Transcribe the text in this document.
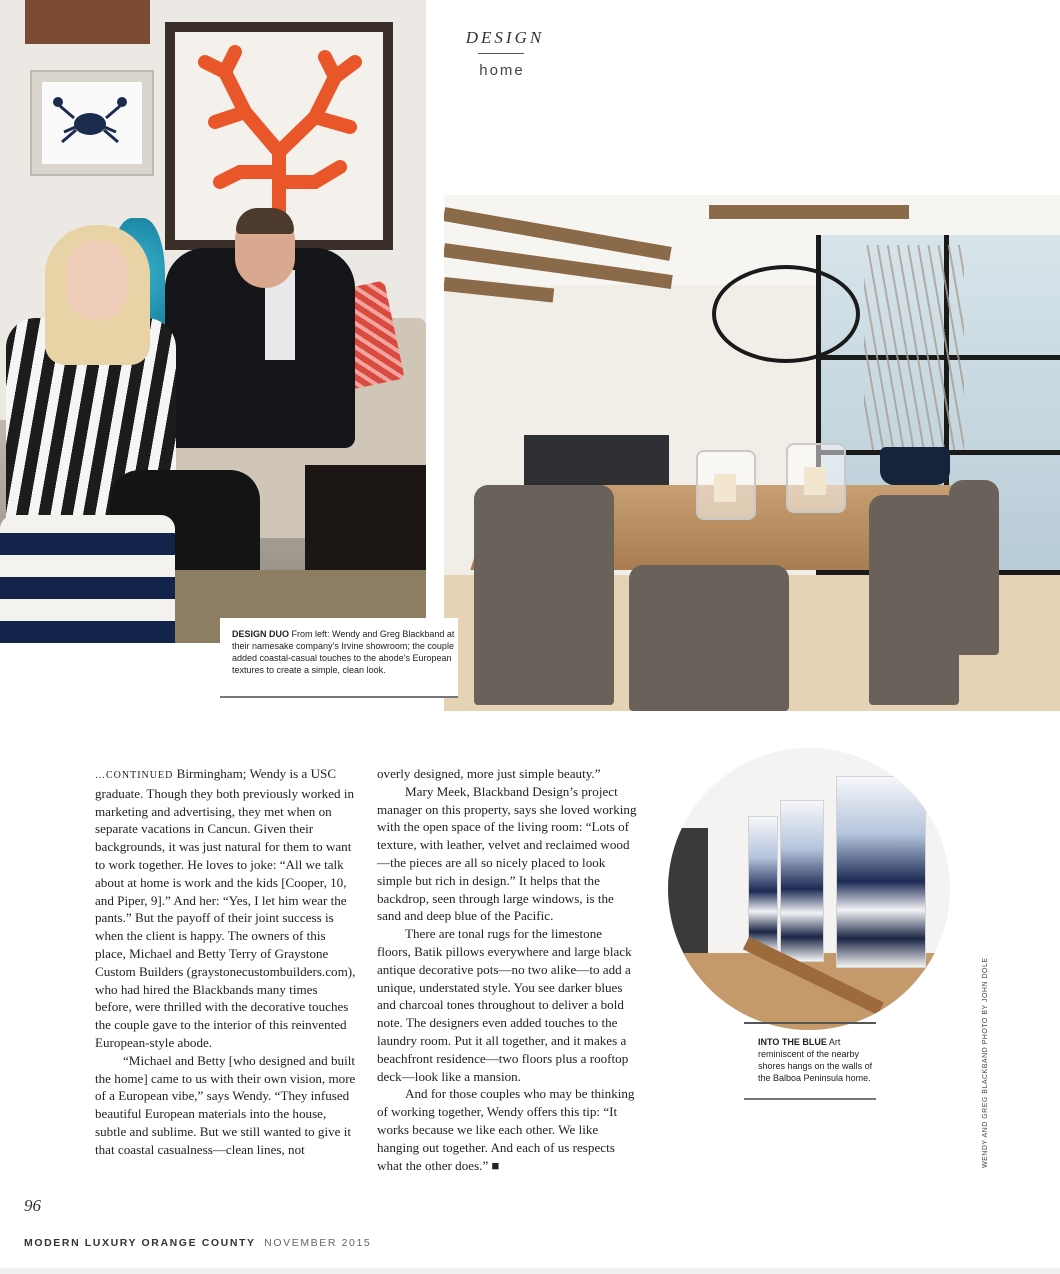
DESIGN
home
DESIGN DUO From left: Wendy and Greg Blackband at their namesake company’s Irvine showroom; the couple added coastal-casual touches to the abode’s European textures to create a simple, clean look.

…CONTINUED Birmingham; Wendy is a USC graduate. Though they both previously worked in marketing and advertising, they met when on separate vacations in Cancun. Given their backgrounds, it was just natural for them to want to work together. He loves to joke: “All we talk about at home is work and the kids [Cooper, 10, and Piper, 9].” And her: “Yes, I let him wear the pants.” But the payoff of their joint success is when the client is happy. The owners of this place, Michael and Betty Terry of Graystone Custom Builders (graystonecustombuilders.com), who had hired the Blackbands many times before, were thrilled with the decorative touches the couple gave to the interior of this reinvented European-style abode.

“Michael and Betty [who designed and built the home] came to us with their own vision, more of a European vibe,” says Wendy. “They infused beautiful European materials into the house, subtle and sublime. But we still wanted to give it that coastal casualness—clean lines, not

overly designed, more just simple beauty.”

Mary Meek, Blackband Design’s project manager on this property, says she loved working with the open space of the living room: “Lots of texture, with leather, velvet and reclaimed wood—the pieces are all so nicely placed to look simple but rich in design.” It helps that the backdrop, seen through large windows, is the sand and deep blue of the Pacific.

There are tonal rugs for the limestone floors, Batik pillows everywhere and large black antique decorative pots—no two alike—to add a unique, understated style. You see darker blues and charcoal tones throughout to deliver a bold note. The designers even added touches to the laundry room. Put it all together, and it makes a beachfront residence—two floors plus a rooftop deck—look like a mansion.

And for those couples who may be thinking of working together, Wendy offers this tip: “It works because we like each other. We like hanging out together. And each of us respects what the other does.” ■

INTO THE BLUE Art reminiscent of the nearby shores hangs on the walls of the Balboa Peninsula home.	WENDY AND GREG BLACKBAND PHOTO BY JOHN DOLE
96
MODERN LUXURY ORANGE COUNTY NOVEMBER 2015
